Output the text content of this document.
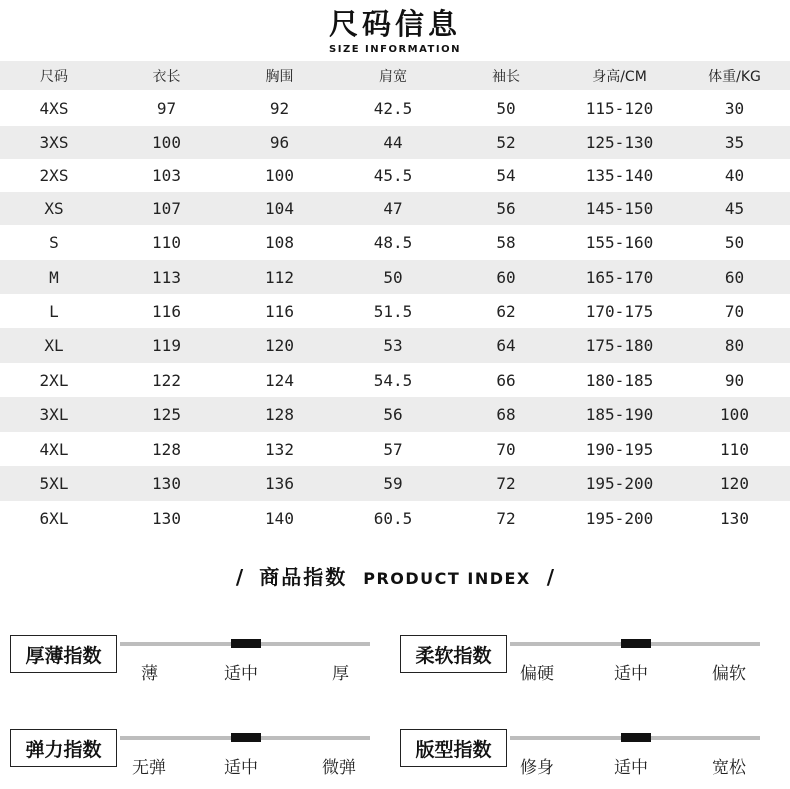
尺码信息
SIZE INFORMATION
尺码	衣长	胸围	肩宽	袖长	身高/CM	体重/KG
4XS	97	92	42.5	50	115-120	30
3XS	100	96	44	52	125-130	35
2XS	103	100	45.5	54	135-140	40
XS	107	104	47	56	145-150	45
S	110	108	48.5	58	155-160	50
M	113	112	50	60	165-170	60
L	116	116	51.5	62	170-175	70
XL	119	120	53	64	175-180	80
2XL	122	124	54.5	66	180-185	90
3XL	125	128	56	68	185-190	100
4XL	128	132	57	70	190-195	110
5XL	130	136	59	72	195-200	120
6XL	130	140	60.5	72	195-200	130
/ 商品指数 PRODUCT INDEX /
厚薄指数
薄	适中	厚
柔软指数
偏硬	适中	偏软
弹力指数
无弹	适中	微弹
版型指数
修身	适中	宽松
